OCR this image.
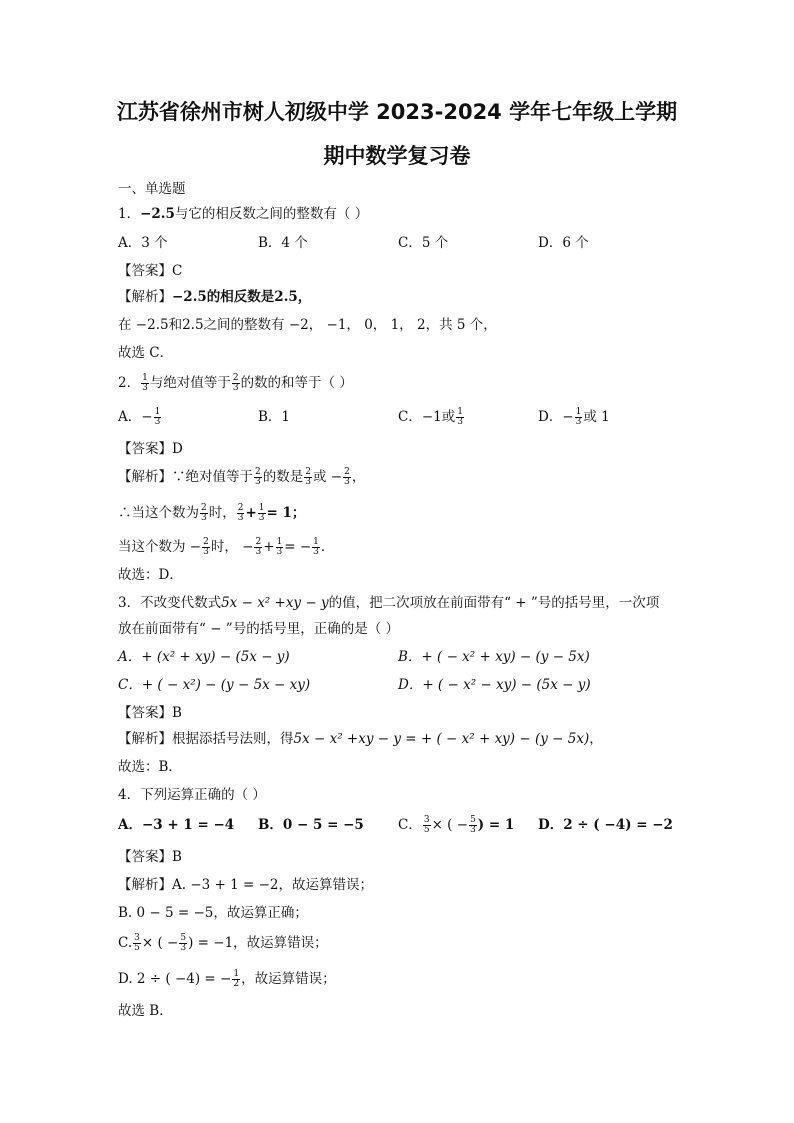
江苏省徐州市树人初级中学 2023-2024 学年七年级上学期
期中数学复习卷
一、单选题
1．−2.5与它的相反数之间的整数有（ ）
A．3 个	B．4 个	C．5 个	D．6 个
【答案】C
【解析】−2.5的相反数是2.5，
在 −2.5和2.5之间的整数有 −2， −1， 0， 1， 2，共 5 个，
故选 C．
2． $\frac{1}{3}$ 与绝对值等于 $\frac{2}{3}$ 的数的和等于（ ）
A．− $\frac{1}{3}$	B．1	C．−1或 $\frac{1}{3}$	D．− $\frac{1}{3}$ 或 1
【答案】D
【解析】∵绝对值等于 $\frac{2}{3}$ 的数是 $\frac{2}{3}$ 或 − $\frac{2}{3}$ ，
∴当这个数为 $\frac{2}{3}$ 时， $\frac{2}{3} + \frac{1}{3} = 1$；
当这个数为 − $\frac{2}{3}$ 时， − $\frac{2}{3} + \frac{1}{3}$ = − $\frac{1}{3}$ ．
故选：D．
3．不改变代数式5x − x² +xy − y的值，把二次项放在前面带有“ + ”号的括号里，一次项
放在前面带有“ − ”号的括号里，正确的是（ ）
A．+ (x² + xy) − (5x − y)	B．+ ( − x² + xy) − (y − 5x)
C．+ ( − x²) − (y − 5x − xy)	D．+ ( − x² − xy) − (5x − y)
【答案】B
【解析】根据添括号法则，得5x − x² +xy − y = + ( − x² + xy) − (y − 5x)，
故选：B．
4．下列运算正确的（ ）
A．−3 + 1 = −4 B．0 − 5 = −5	C． $\frac{3}{5}$ × ( − $\frac{5}{3}$ ) = 1 D．2 ÷ ( −4) = −2
【答案】B
【解析】A. −3 + 1 = −2，故运算错误；
B. 0 − 5 = −5，故运算正确；
C. $\frac{3}{5}$ × ( − $\frac{5}{3}$ ) = −1，故运算错误；
D. 2 ÷ ( −4) = − $\frac{1}{2}$ ，故运算错误；
故选 B．
